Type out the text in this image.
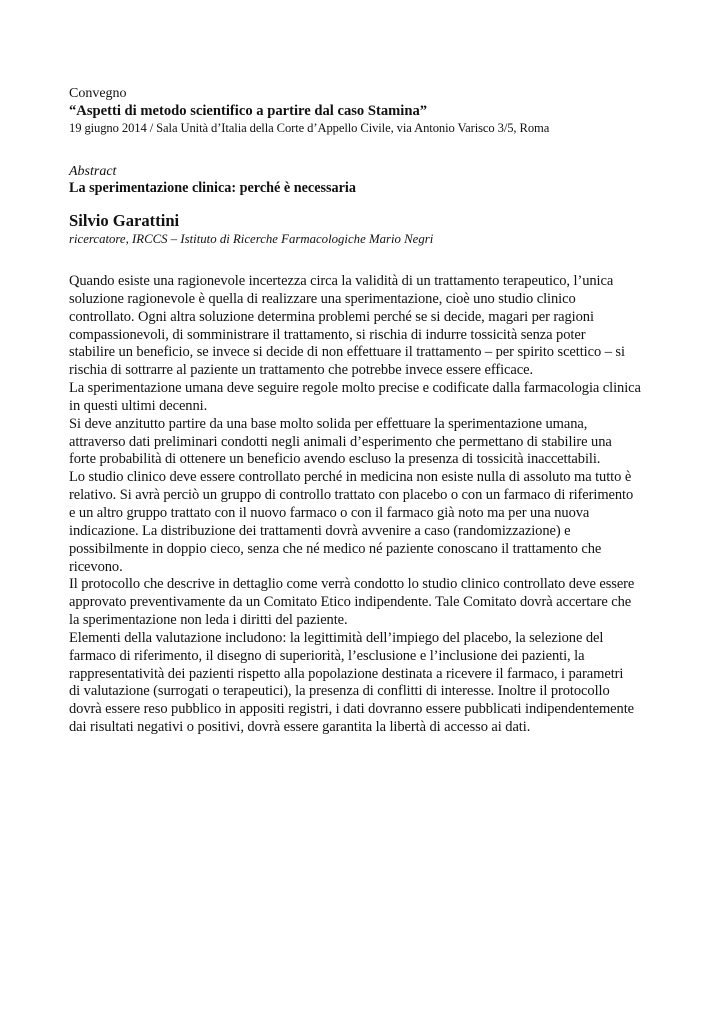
Convegno
“Aspetti di metodo scientifico a partire dal caso Stamina”
19 giugno 2014 / Sala Unità d’Italia della Corte d’Appello Civile, via Antonio Varisco 3/5, Roma
Abstract
La sperimentazione clinica: perché è necessaria
Silvio Garattini
ricercatore, IRCCS – Istituto di Ricerche Farmacologiche Mario Negri
Quando esiste una ragionevole incertezza circa la validità di un trattamento terapeutico, l’unica
soluzione ragionevole è quella di realizzare una sperimentazione, cioè uno studio clinico
controllato. Ogni altra soluzione determina problemi perché se si decide, magari per ragioni
compassionevoli, di somministrare il trattamento, si rischia di indurre tossicità senza poter
stabilire un beneficio, se invece si decide di non effettuare il trattamento – per spirito scettico – si
rischia di sottrarre al paziente un trattamento che potrebbe invece essere efficace.
La sperimentazione umana deve seguire regole molto precise e codificate dalla farmacologia clinica
in questi ultimi decenni.
Si deve anzitutto partire da una base molto solida per effettuare la sperimentazione umana,
attraverso dati preliminari condotti negli animali d’esperimento che permettano di stabilire una
forte probabilità di ottenere un beneficio avendo escluso la presenza di tossicità inaccettabili.
Lo studio clinico deve essere controllato perché in medicina non esiste nulla di assoluto ma tutto è
relativo. Si avrà perciò un gruppo di controllo trattato con placebo o con un farmaco di riferimento
e un altro gruppo trattato con il nuovo farmaco o con il farmaco già noto ma per una nuova
indicazione. La distribuzione dei trattamenti dovrà avvenire a caso (randomizzazione) e
possibilmente in doppio cieco, senza che né medico né paziente conoscano il trattamento che
ricevono.
Il protocollo che descrive in dettaglio come verrà condotto lo studio clinico controllato deve essere
approvato preventivamente da un Comitato Etico indipendente. Tale Comitato dovrà accertare che
la sperimentazione non leda i diritti del paziente.
Elementi della valutazione includono: la legittimità dell’impiego del placebo, la selezione del
farmaco di riferimento, il disegno di superiorità, l’esclusione e l’inclusione dei pazienti, la
rappresentatività dei pazienti rispetto alla popolazione destinata a ricevere il farmaco, i parametri
di valutazione (surrogati o terapeutici), la presenza di conflitti di interesse. Inoltre il protocollo
dovrà essere reso pubblico in appositi registri, i dati dovranno essere pubblicati indipendentemente
dai risultati negativi o positivi, dovrà essere garantita la libertà di accesso ai dati.
